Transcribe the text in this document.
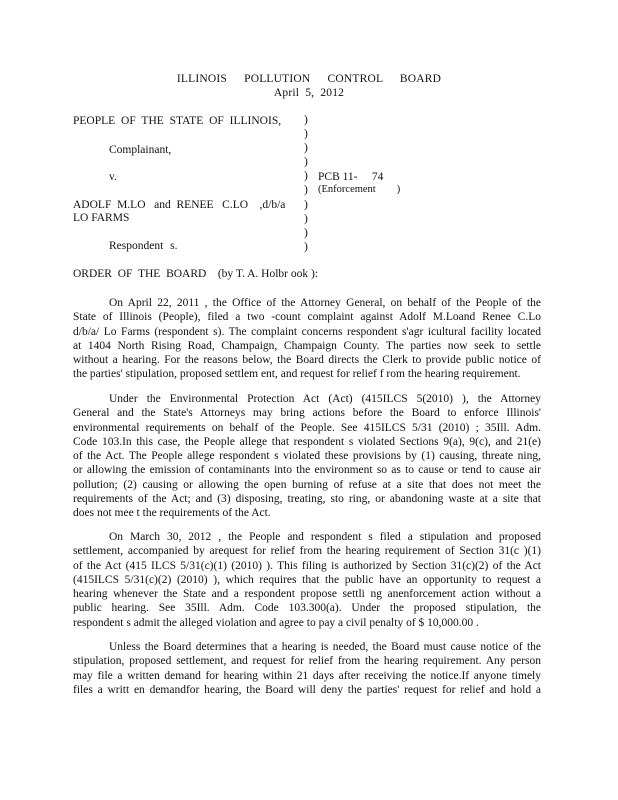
ILLINOIS POLLUTION CONTROL BOARD
April 5, 2012
PEOPLE OF THE STATE OF ILLINOIS,
Complainant,
v.	PCB 11-     74
(Enforcement        )
ADOLF  M.LO   and  RENEE   C.LO    ,d/b/a
LO FARMS
Respondent s.
)
)
)
)
)
)
)
)
)
)
ORDER  OF  THE  BOARD    (by T. A. Holbr ook ):
On April 22, 2011 , the Office of the Attorney General, on behalf of the People of the
State of Illinois (People), filed a two -count complaint against Adolf M.Loand Renee C.Lo
d/b/a/ Lo Farms (respondent s). The complaint concerns respondent s'agr icultural facility located
at 1404 North Rising Road, Champaign, Champaign County. The parties now seek to settle
without a hearing. For the reasons below, the Board directs the Clerk to provide public notice of
the parties' stipulation, proposed settlem ent, and request for relief f rom the hearing requirement.
Under the Environmental Protection Act (Act) (415ILCS 5(2010) ), the Attorney
General and the State's Attorneys may bring actions before the Board to enforce Illinois'
environmental requirements on behalf of the People. See 415ILCS 5/31 (2010) ; 35Ill. Adm.
Code 103.In this case, the People allege that respondent s violated Sections 9(a), 9(c), and 21(e)
of the Act. The People allege respondent s violated these provisions by (1) causing, threate ning,
or allowing the emission of contaminants into the environment so as to cause or tend to cause air
pollution; (2) causing or allowing the open burning of refuse at a site that does not meet the
requirements of the Act; and (3) disposing, treating, sto ring, or abandoning waste at a site that
does not mee t the requirements of the Act.
On March 30, 2012 , the People and respondent s filed a stipulation and proposed
settlement, accompanied by arequest for relief from the hearing requirement of Section 31(c )(1)
of the Act (415 ILCS 5/31(c)(1) (2010) ). This filing is authorized by Section 31(c)(2) of the Act
(415ILCS 5/31(c)(2) (2010) ), which requires that the public have an opportunity to request a
hearing whenever the State and a respondent propose settli ng anenforcement action without a
public hearing. See 35Ill. Adm. Code 103.300(a). Under the proposed stipulation, the
respondent s admit the alleged violation and agree to pay a civil penalty of $ 10,000.00 .
Unless the Board determines that a hearing is needed, the Board must cause notice of the
stipulation, proposed settlement, and request for relief from the hearing requirement. Any person
may file a written demand for hearing within 21 days after receiving the notice.If anyone timely
files a writt en demandfor hearing, the Board will deny the parties' request for relief and hold a
